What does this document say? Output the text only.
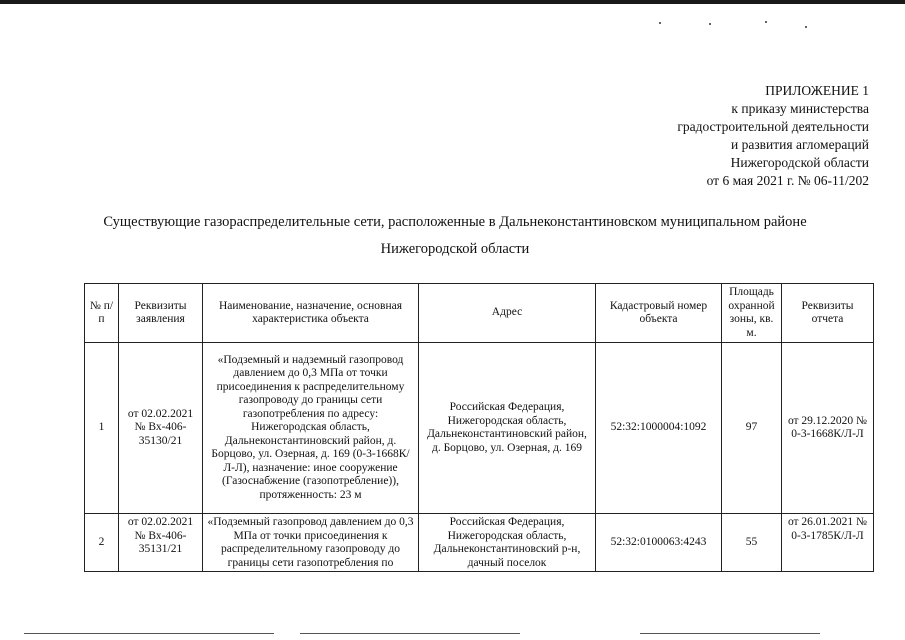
ПРИЛОЖЕНИЕ 1
к приказу министерства
градостроительной деятельности
и развития агломераций
Нижегородской области
от 6 мая 2021 г. № 06-11/202
Существующие газораспределительные сети, расположенные в Дальнеконстантиновском муниципальном районе
Нижегородской области
№ п/п	Реквизиты заявления	Наименование, назначение, основная характеристика объекта	Адрес	Кадастровый номер объекта	Площадь охранной зоны, кв. м.	Реквизиты отчета
1	от 02.02.2021 № Вх-406-35130/21	«Подземный и надземный газопровод давлением до 0,3 МПа от точки присоединения к распределительному газопроводу до границы сети газопотребления по адресу: Нижегородская область, Дальнеконстантиновский район, д. Борцово, ул. Озерная, д. 169 (0-3-1668К/Л-Л), назначение: иное сооружение (Газоснабжение (газопотребление)), протяженность: 23 м	Российская Федерация, Нижегородская область, Дальнеконстантиновский район, д. Борцово, ул. Озерная, д. 169	52:32:1000004:1092	97	от 29.12.2020 № 0-3-1668К/Л-Л
2	от 02.02.2021 № Вх-406-35131/21	«Подземный газопровод давлением до 0,3 МПа от точки присоединения к распределительному газопроводу до границы сети газопотребления по	Российская Федерация, Нижегородская область, Дальнеконстантиновский р-н, дачный поселок	52:32:0100063:4243	55	от 26.01.2021 № 0-3-1785К/Л-Л
